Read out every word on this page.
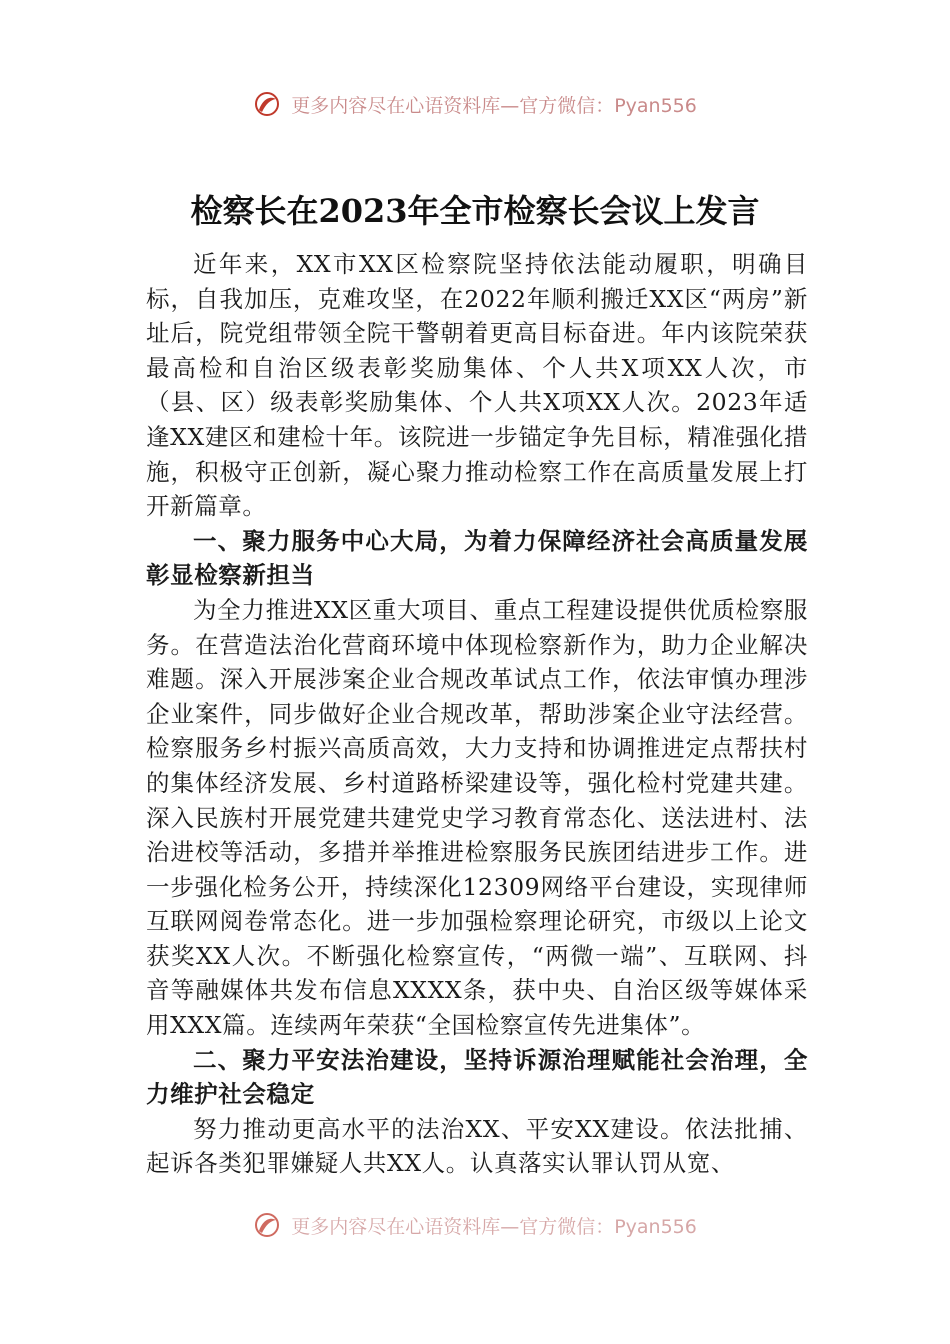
更多内容尽在心语资料库—官方微信：Pyan556
检察长在2023年全市检察长会议上发言

近年来，XX市XX区检察院坚持依法能动履职，明确目标，自我加压，克难攻坚，在2022年顺利搬迁XX区“两房”新址后，院党组带领全院干警朝着更高目标奋进。年内该院荣获最高检和自治区级表彰奖励集体、个人共X项XX人次，市（县、区）级表彰奖励集体、个人共X项XX人次。2023年适逢XX建区和建检十年。该院进一步锚定争先目标，精准强化措施，积极守正创新，凝心聚力推动检察工作在高质量发展上打开新篇章。

一、聚力服务中心大局，为着力保障经济社会高质量发展彰显检察新担当

为全力推进XX区重大项目、重点工程建设提供优质检察服务。在营造法治化营商环境中体现检察新作为，助力企业解决难题。深入开展涉案企业合规改革试点工作，依法审慎办理涉企业案件，同步做好企业合规改革，帮助涉案企业守法经营。检察服务乡村振兴高质高效，大力支持和协调推进定点帮扶村的集体经济发展、乡村道路桥梁建设等，强化检村党建共建。深入民族村开展党建共建党史学习教育常态化、送法进村、法治进校等活动，多措并举推进检察服务民族团结进步工作。进一步强化检务公开，持续深化12309网络平台建设，实现律师互联网阅卷常态化。进一步加强检察理论研究，市级以上论文获奖XX人次。不断强化检察宣传，“两微一端”、互联网、抖音等融媒体共发布信息XXXX条，获中央、自治区级等媒体采用XXX篇。连续两年荣获“全国检察宣传先进集体”。

二、聚力平安法治建设，坚持诉源治理赋能社会治理，全力维护社会稳定

努力推动更高水平的法治XX、平安XX建设。依法批捕、起诉各类犯罪嫌疑人共XX人。认真落实认罪认罚从宽、

更多内容尽在心语资料库—官方微信：Pyan556
